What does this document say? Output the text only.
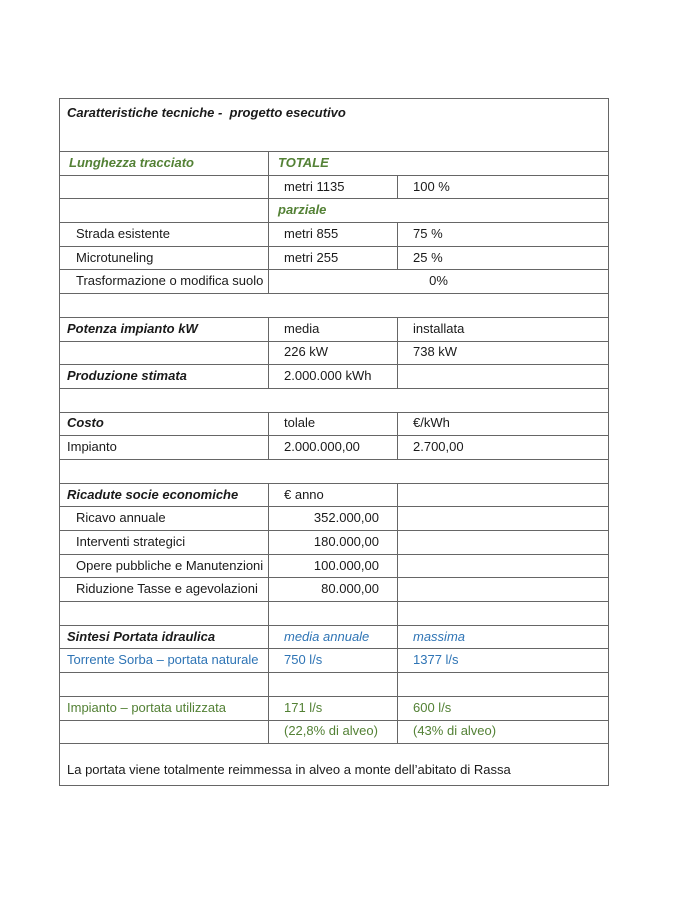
Caratteristiche tecniche -  progetto esecutivo		
Lunghezza tracciato	TOTALE	
	metri 1135	100 %
	parziale	
Strada esistente	metri 855	75 %
Microtuneling	metri 255	25 %
Trasformazione o modifica suolo	0%	

Potenza impianto kW	media	installata
	226 kW	738 kW
Produzione stimata	2.000.000 kWh	

Costo	tolale	€/kWh
Impianto	2.000.000,00	2.700,00

Ricadute socie economiche	€ anno	
Ricavo annuale	352.000,00	
Interventi strategici	180.000,00	
Opere pubbliche e Manutenzioni	100.000,00	
Riduzione Tasse e agevolazioni	80.000,00	

Sintesi Portata idraulica	media annuale	massima
Torrente Sorba – portata naturale	750 l/s	1377 l/s

Impianto – portata utilizzata	171 l/s	600 l/s
	(22,8% di alveo)	(43% di alveo)
La portata viene totalmente reimmessa in alveo a monte dell’abitato di Rassa		
